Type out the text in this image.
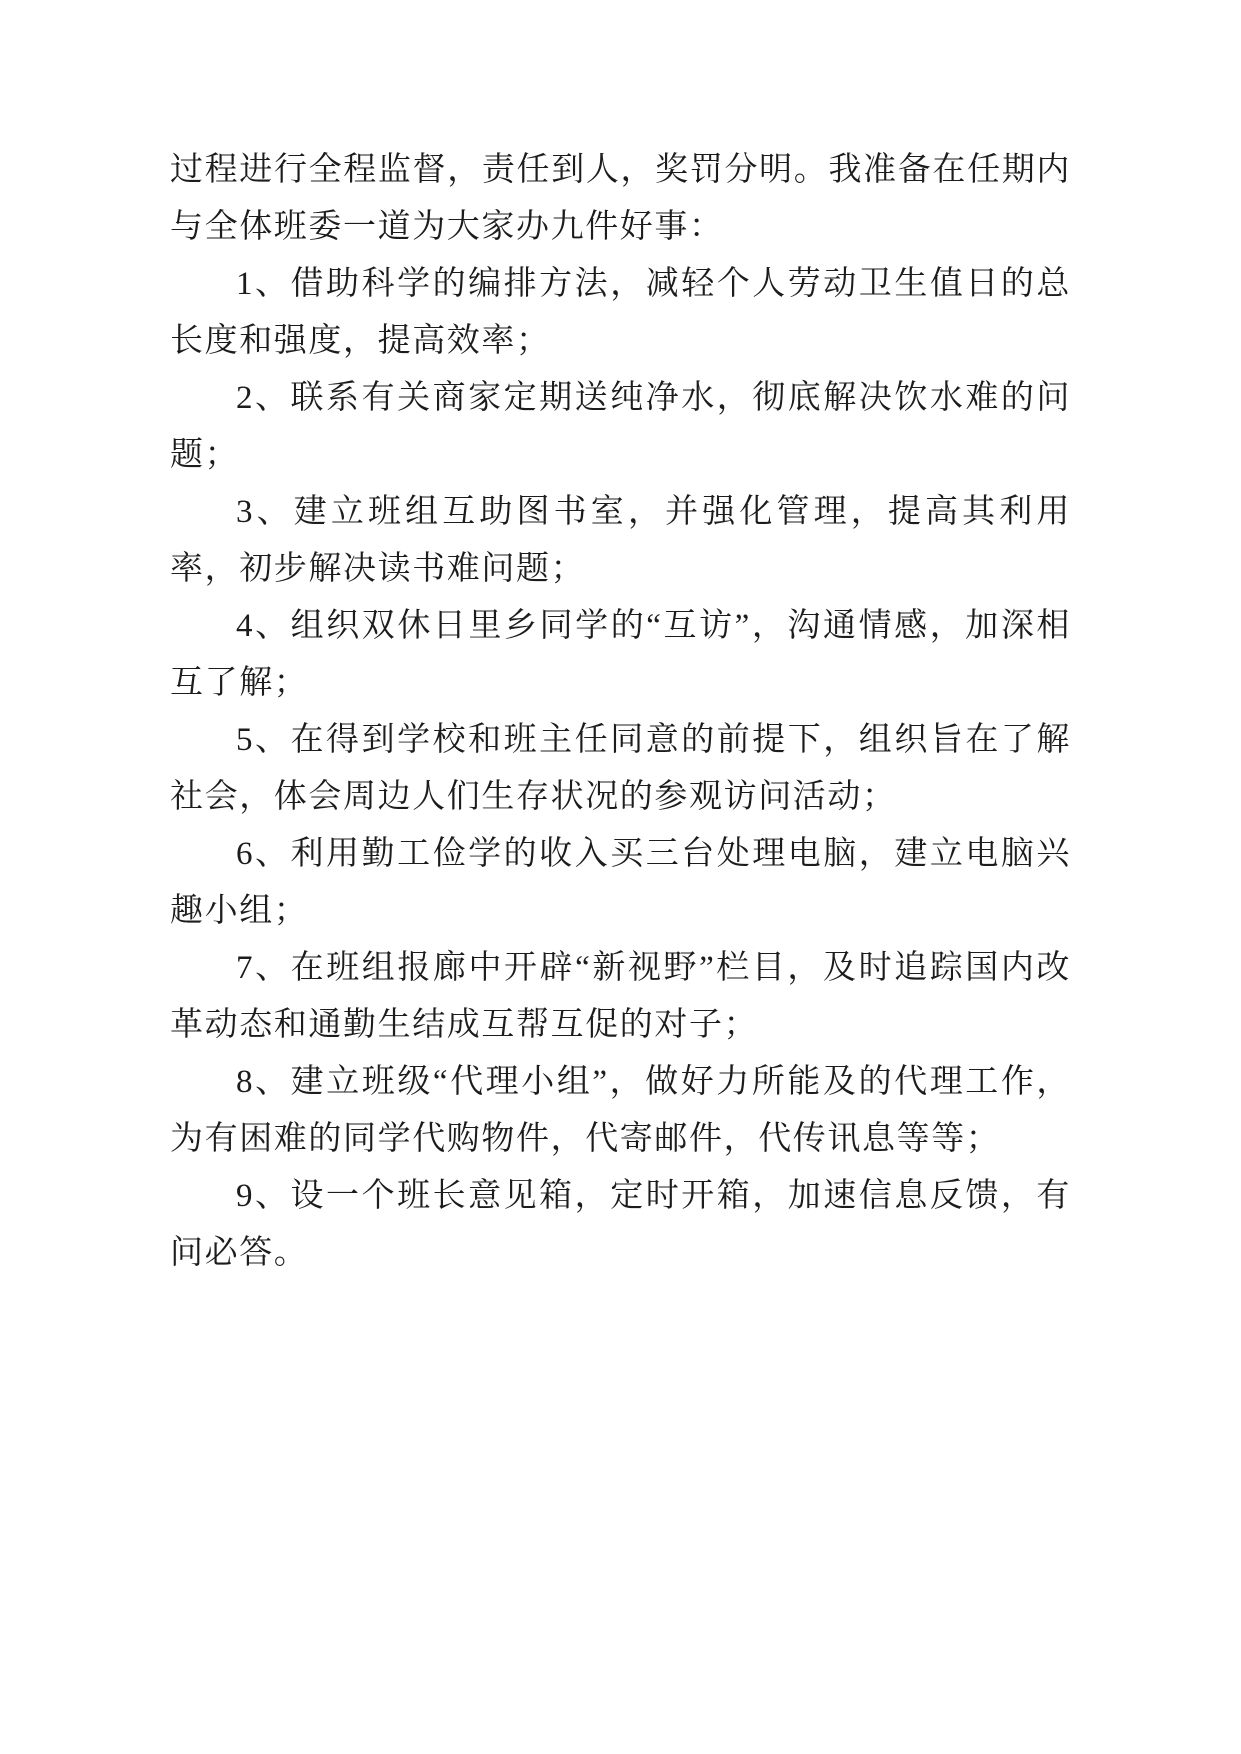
过程进行全程监督，责任到人，奖罚分明。我准备在任期内与全体班委一道为大家办九件好事：

1、借助科学的编排方法，减轻个人劳动卫生值日的总长度和强度，提高效率；

2、联系有关商家定期送纯净水，彻底解决饮水难的问题；

3、建立班组互助图书室，并强化管理，提高其利用率，初步解决读书难问题；

4、组织双休日里乡同学的“互访”，沟通情感，加深相互了解；

5、在得到学校和班主任同意的前提下，组织旨在了解社会，体会周边人们生存状况的参观访问活动；

6、利用勤工俭学的收入买三台处理电脑，建立电脑兴趣小组；

7、在班组报廊中开辟“新视野”栏目，及时追踪国内改革动态和通勤生结成互帮互促的对子；

8、建立班级“代理小组”，做好力所能及的代理工作，为有困难的同学代购物件，代寄邮件，代传讯息等等；

9、设一个班长意见箱，定时开箱，加速信息反馈，有问必答。
